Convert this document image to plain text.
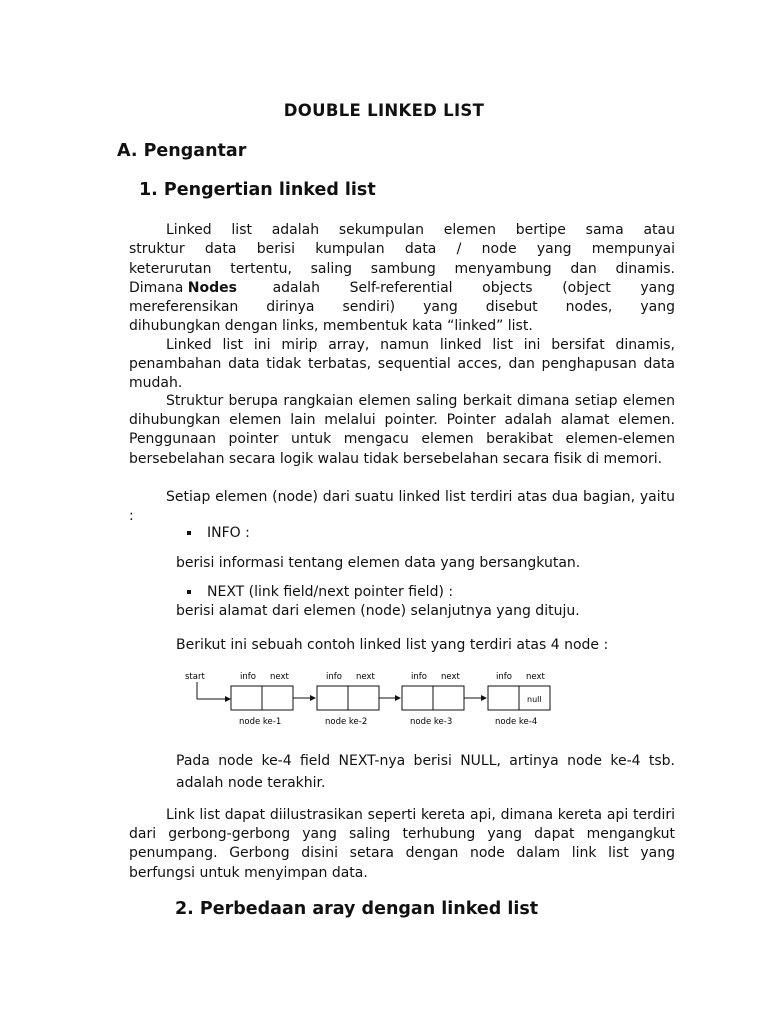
DOUBLE LINKED LIST
A. Pengantar
1. Pengertian linked list
Linked list adalah sekumpulan elemen bertipe sama atau
struktur data berisi kumpulan data / node yang mempunyai
keterurutan tertentu, saling sambung menyambung dan dinamis.
Dimana Nodes adalah Self-referential objects (object yang
mereferensikan dirinya sendiri) yang disebut nodes, yang
dihubungkan dengan links, membentuk kata “linked” list.

Linked list ini mirip array, namun linked list ini bersifat dinamis, penambahan data tidak terbatas, sequential acces, dan penghapusan data mudah.

Struktur berupa rangkaian elemen saling berkait dimana setiap elemen dihubungkan elemen lain melalui pointer. Pointer adalah alamat elemen. Penggunaan pointer untuk mengacu elemen berakibat elemen-elemen bersebelahan secara logik walau tidak bersebelahan secara fisik di memori.

Setiap elemen (node) dari suatu linked list terdiri atas dua bagian, yaitu :

INFO :
berisi informasi tentang elemen data yang bersangkutan.
NEXT (link field/next pointer field) :
berisi alamat dari elemen (node) selanjutnya yang dituju.
Berikut ini sebuah contoh linked list yang terdiri atas 4 node :
start	info next
node ke-1
info next
node ke-2
info next
node ke-3
info next
null
node ke-4
Pada node ke-4 field NEXT-nya berisi NULL, artinya node ke-4 tsb. adalah node terakhir.

Link list dapat diilustrasikan seperti kereta api, dimana kereta api terdiri dari gerbong-gerbong yang saling terhubung yang dapat mengangkut penumpang. Gerbong disini setara dengan node dalam link list yang berfungsi untuk menyimpan data.

2. Perbedaan aray dengan linked list
